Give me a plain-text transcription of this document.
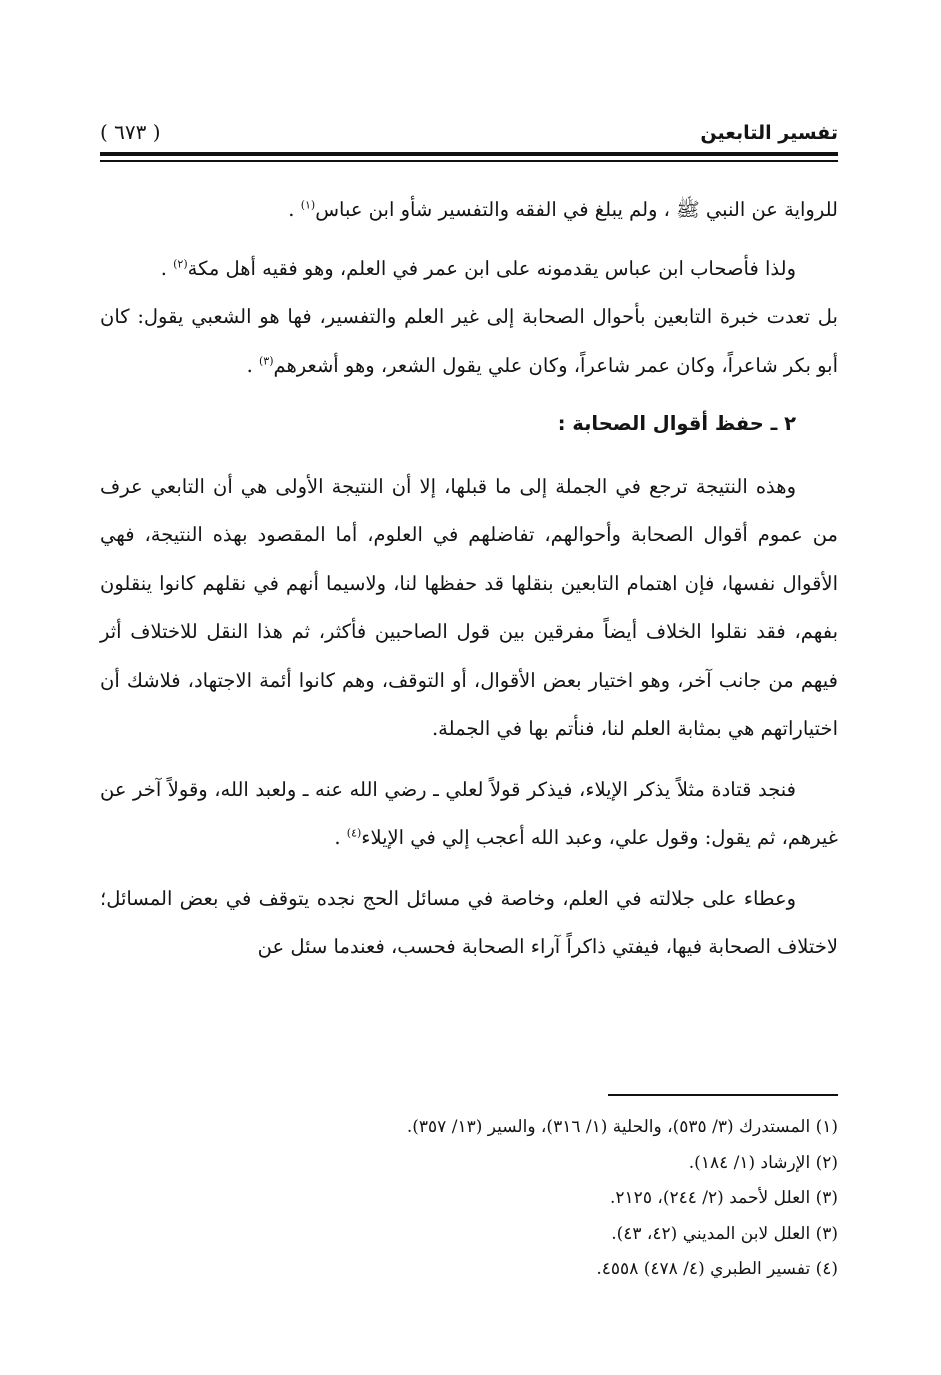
تفسير التابعين
( ٦٧٣ )

للرواية عن النبي ﷺ ، ولم يبلغ في الفقه والتفسير شأو ابن عباس$^{(١)}$ .

ولذا فأصحاب ابن عباس يقدمونه على ابن عمر في العلم، وهو فقيه أهل مكة$^{(٢)}$ .

بل تعدت خبرة التابعين بأحوال الصحابة إلى غير العلم والتفسير، فها هو الشعبي يقول: كان أبو بكر شاعراً، وكان عمر شاعراً، وكان علي يقول الشعر، وهو أشعرهم$^{(٣)}$ .

٢ ـ حفظ أقوال الصحابة :

وهذه النتيجة ترجع في الجملة إلى ما قبلها، إلا أن النتيجة الأولى هي أن التابعي عرف من عموم أقوال الصحابة وأحوالهم، تفاضلهم في العلوم، أما المقصود بهذه النتيجة، فهي الأقوال نفسها، فإن اهتمام التابعين بنقلها قد حفظها لنا، ولاسيما أنهم في نقلهم كانوا ينقلون بفهم، فقد نقلوا الخلاف أيضاً مفرقين بين قول الصاحبين فأكثر، ثم هذا النقل للاختلاف أثر فيهم من جانب آخر، وهو اختيار بعض الأقوال، أو التوقف، وهم كانوا أئمة الاجتهاد، فلاشك أن اختياراتهم هي بمثابة العلم لنا، فنأتم بها في الجملة.

فنجد قتادة مثلاً يذكر الإيلاء، فيذكر قولاً لعلي ـ رضي الله عنه ـ ولعبد الله، وقولاً آخر عن غيرهم، ثم يقول: وقول علي، وعبد الله أعجب إلي في الإيلاء$^{(٤)}$ .

وعطاء على جلالته في العلم، وخاصة في مسائل الحج نجده يتوقف في بعض المسائل؛ لاختلاف الصحابة فيها، فيفتي ذاكراً آراء الصحابة فحسب، فعندما سئل عن

(١) المستدرك (٣/ ٥٣٥)، والحلية (١/ ٣١٦)، والسير (١٣/ ٣٥٧).

(٢) الإرشاد (١/ ١٨٤).

(٣) العلل لأحمد (٢/ ٢٤٤)، ٢١٢٥.

(٣) العلل لابن المديني (٤٢، ٤٣).

(٤) تفسير الطبري (٤/ ٤٧٨) ٤٥٥٨.
